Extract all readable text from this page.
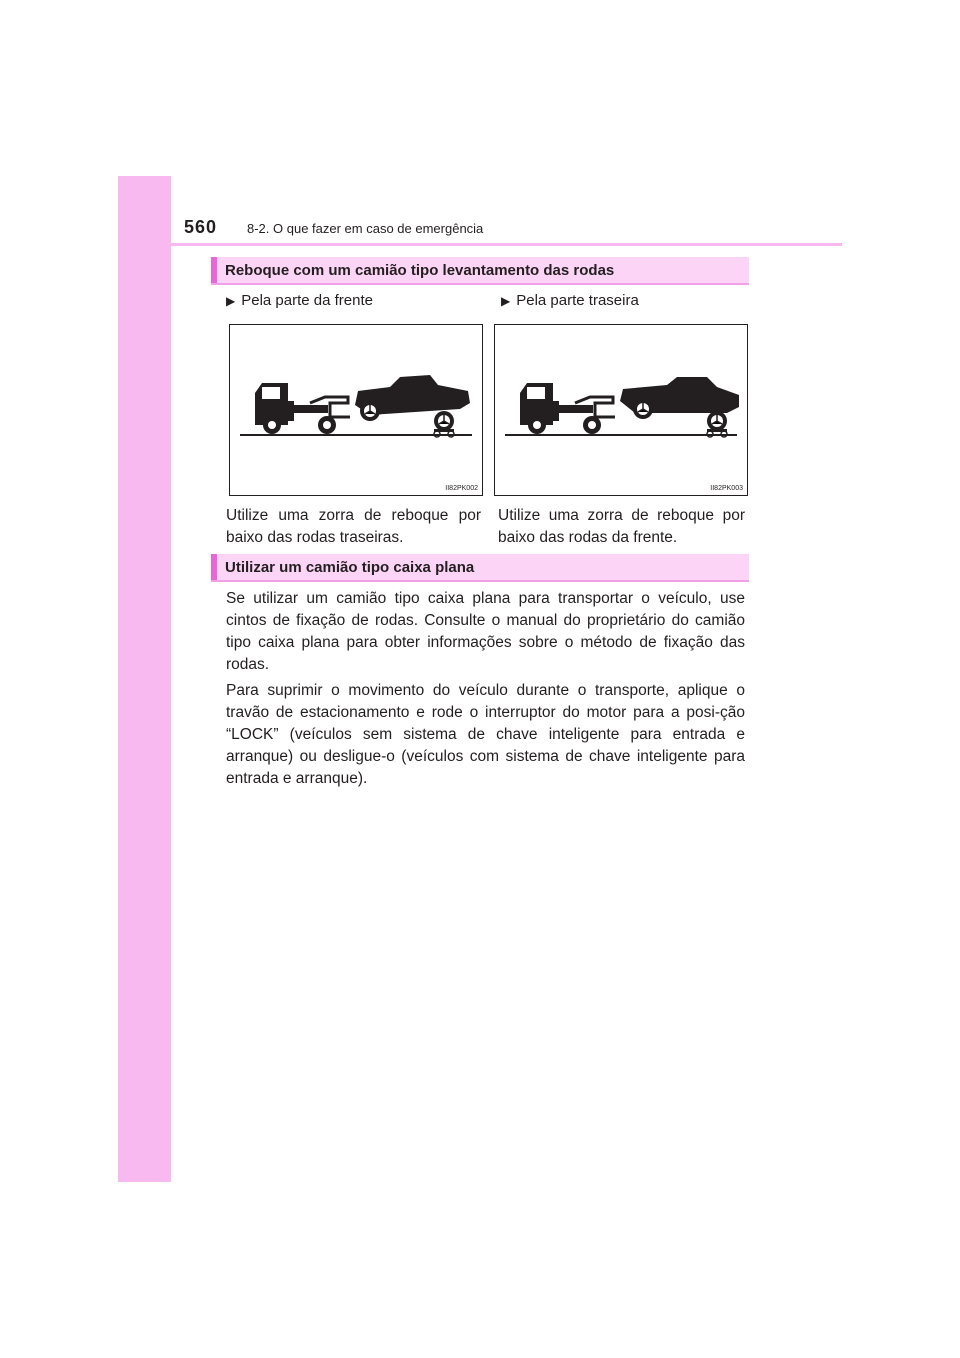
560 8-2. O que fazer em caso de emergência
Reboque com um camião tipo levantamento das rodas
▶ Pela parte da frente	▶ Pela parte traseira
II82PK002	II82PK003
Utilize uma zorra de reboque por baixo das rodas traseiras.
Utilize uma zorra de reboque por baixo das rodas da frente.
Utilizar um camião tipo caixa plana

Se utilizar um camião tipo caixa plana para transportar o veículo, use cintos de fixação de rodas. Consulte o manual do proprietário do camião tipo caixa plana para obter informações sobre o método de fixação das rodas.

Para suprimir o movimento do veículo durante o transporte, aplique o travão de estacionamento e rode o interruptor do motor para a posi-ção “LOCK” (veículos sem sistema de chave inteligente para entrada e arranque) ou desligue-o (veículos com sistema de chave inteligente para entrada e arranque).
